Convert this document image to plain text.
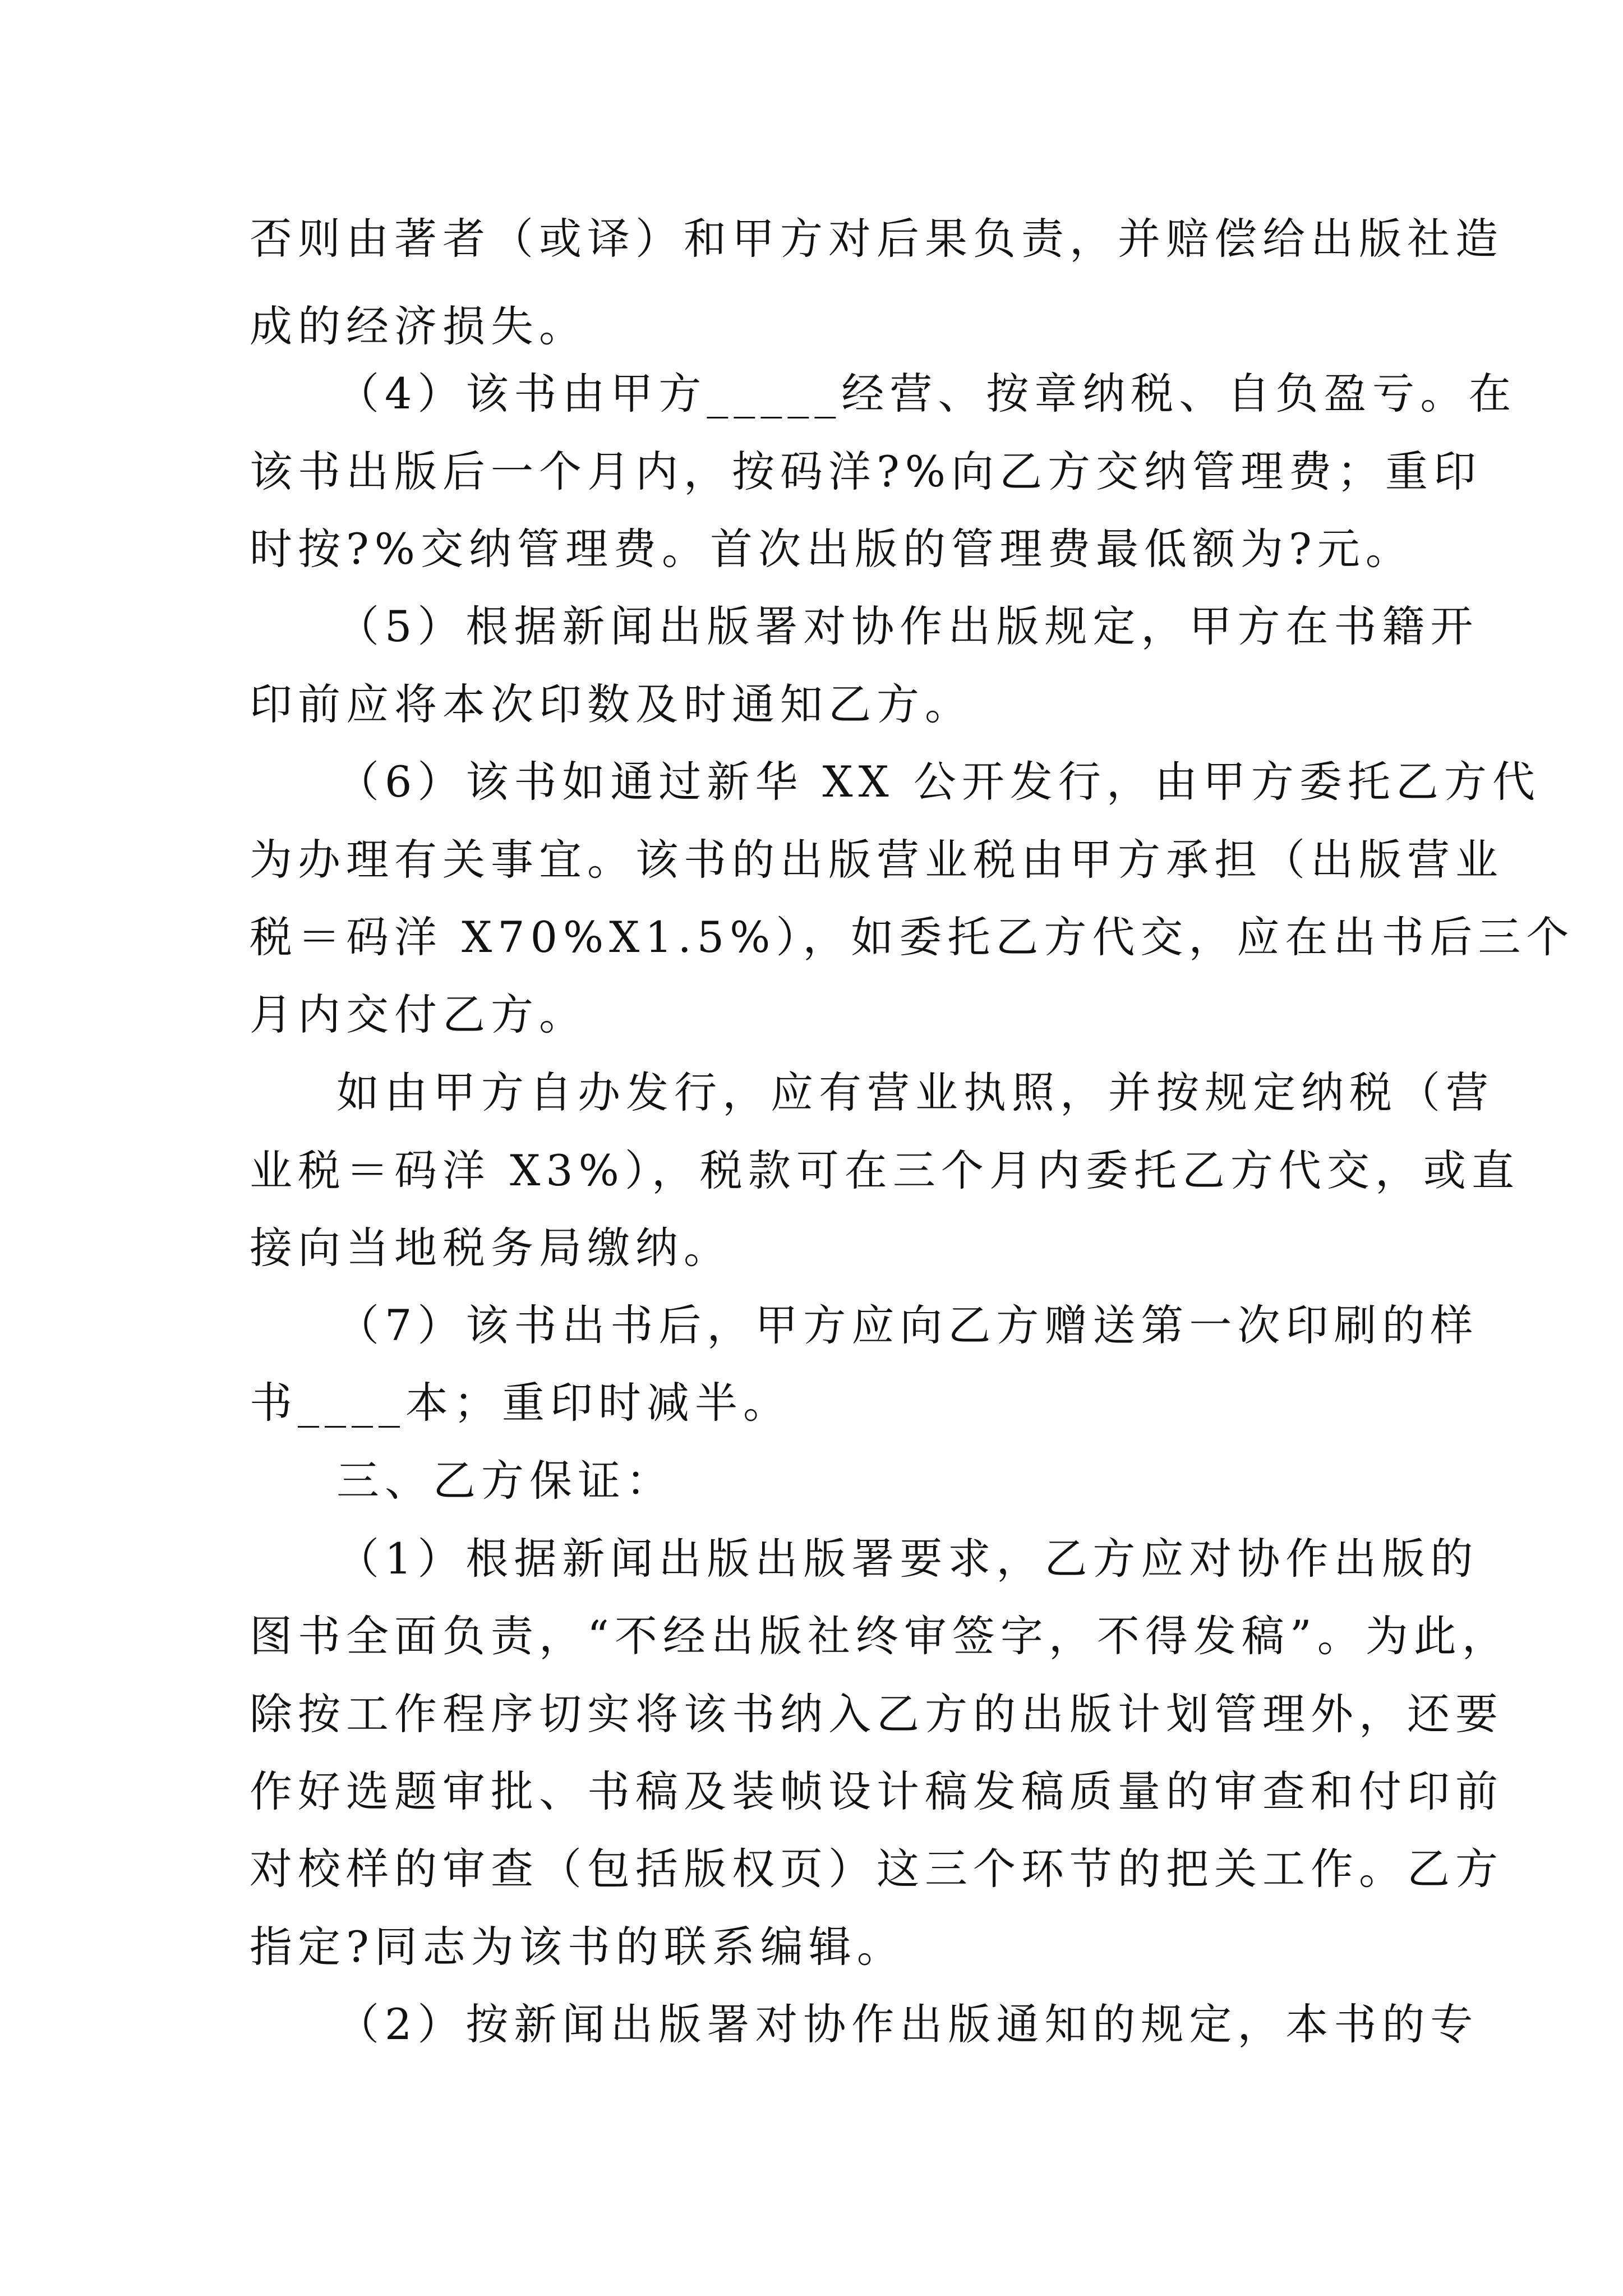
否则由著者（或译）和甲方对后果负责，并赔偿给出版社造
成的经济损失。
（4）该书由甲方_____经营、按章纳税、自负盈亏。在
该书出版后一个月内，按码洋?%向乙方交纳管理费；重印
时按?%交纳管理费。首次出版的管理费最低额为?元。
（5）根据新闻出版署对协作出版规定，甲方在书籍开
印前应将本次印数及时通知乙方。
（6）该书如通过新华 XX 公开发行，由甲方委托乙方代
为办理有关事宜。该书的出版营业税由甲方承担（出版营业
税＝码洋 X70%X1.5%），如委托乙方代交，应在出书后三个
月内交付乙方。
如由甲方自办发行，应有营业执照，并按规定纳税（营
业税＝码洋 X3%），税款可在三个月内委托乙方代交，或直
接向当地税务局缴纳。
（7）该书出书后，甲方应向乙方赠送第一次印刷的样
书____本；重印时减半。
三、乙方保证：
（1）根据新闻出版出版署要求，乙方应对协作出版的
图书全面负责，“不经出版社终审签字，不得发稿”。为此，
除按工作程序切实将该书纳入乙方的出版计划管理外，还要
作好选题审批、书稿及装帧设计稿发稿质量的审查和付印前
对校样的审查（包括版权页）这三个环节的把关工作。乙方
指定?同志为该书的联系编辑。
（2）按新闻出版署对协作出版通知的规定，本书的专
